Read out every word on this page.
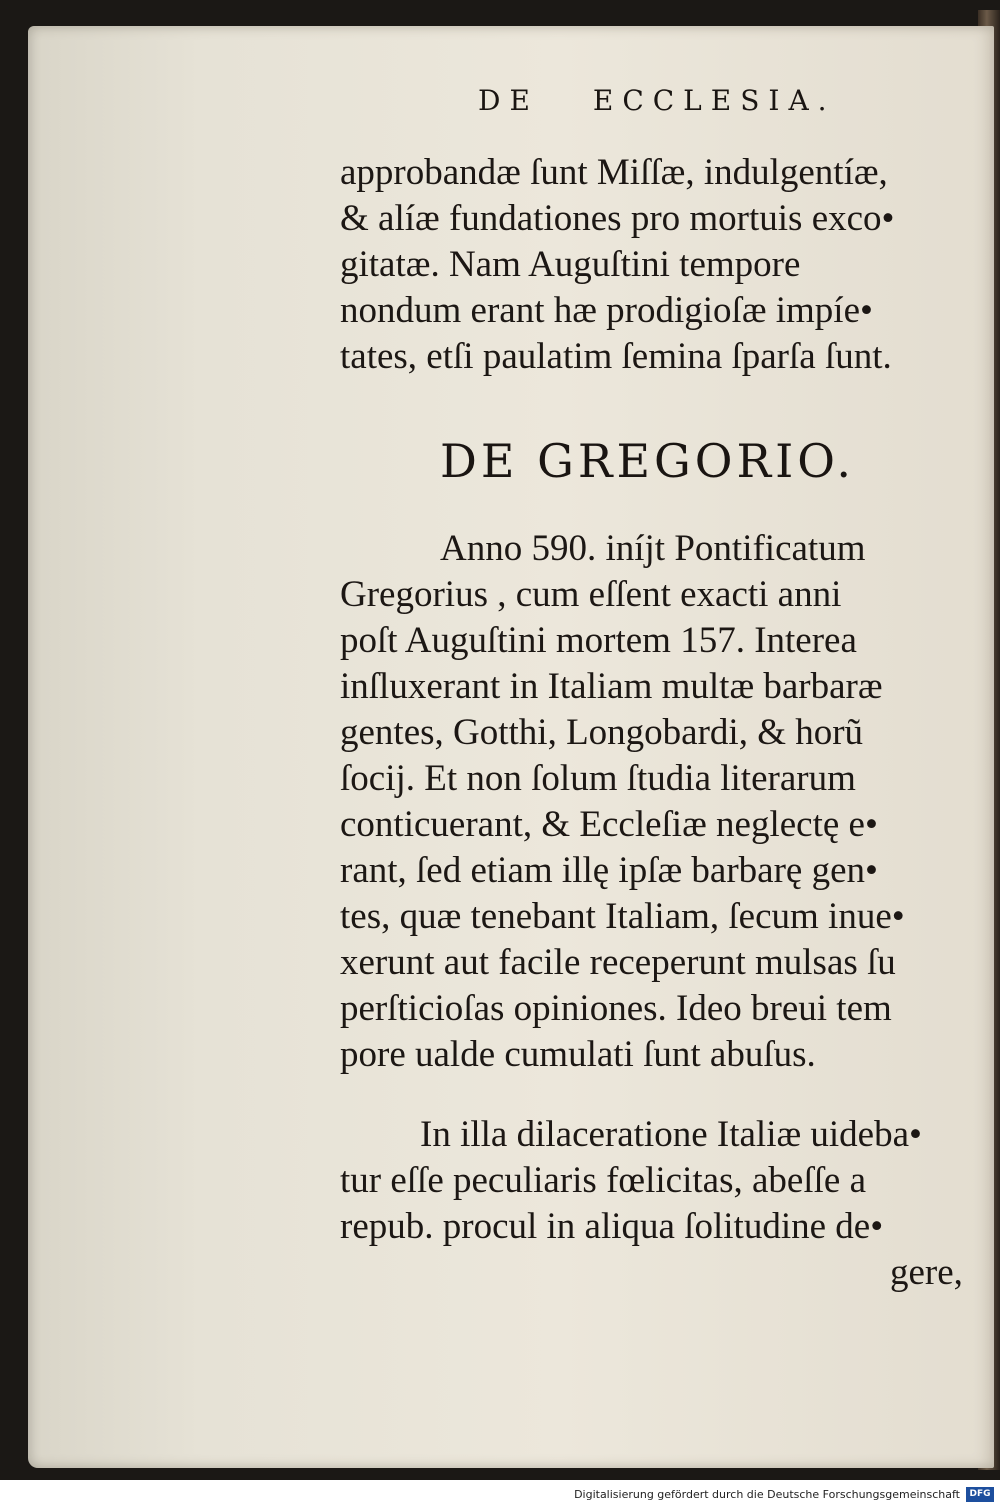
DE ECCLESIA.
approbandæ ſunt Miſſæ, indulgentíæ,
& alíæ fundationes pro mortuis exco•
gitatæ. Nam Auguſtini tempore
nondum erant hæ prodigioſæ impíe•
tates, etſi paulatim ſemina ſparſa ſunt.
DE GREGORIO.
Anno 590. iníjt Pontificatum
Gregorius , cum eſſent exacti anni
poſt Auguſtini mortem 157. Interea
inſluxerant in Italiam multæ barbaræ
gentes, Gotthi, Longobardi, & horũ
ſocij. Et non ſolum ſtudia literarum
conticuerant, & Eccleſiæ neglectę e•
rant, ſed etiam illę ipſæ barbarę gen•
tes, quæ tenebant Italiam, ſecum inue•
xerunt aut facile receperunt mulsas ſu
perſticioſas opiniones. Ideo breui tem
pore ualde cumulati ſunt abuſus.
In illa dilaceratione Italiæ uideba•
tur eſſe peculiaris fœlicitas, abeſſe a
repub. procul in aliqua ſolitudine de•
gere,
Digitalisierung gefördert durch die Deutsche Forschungsgemeinschaft	DFG
